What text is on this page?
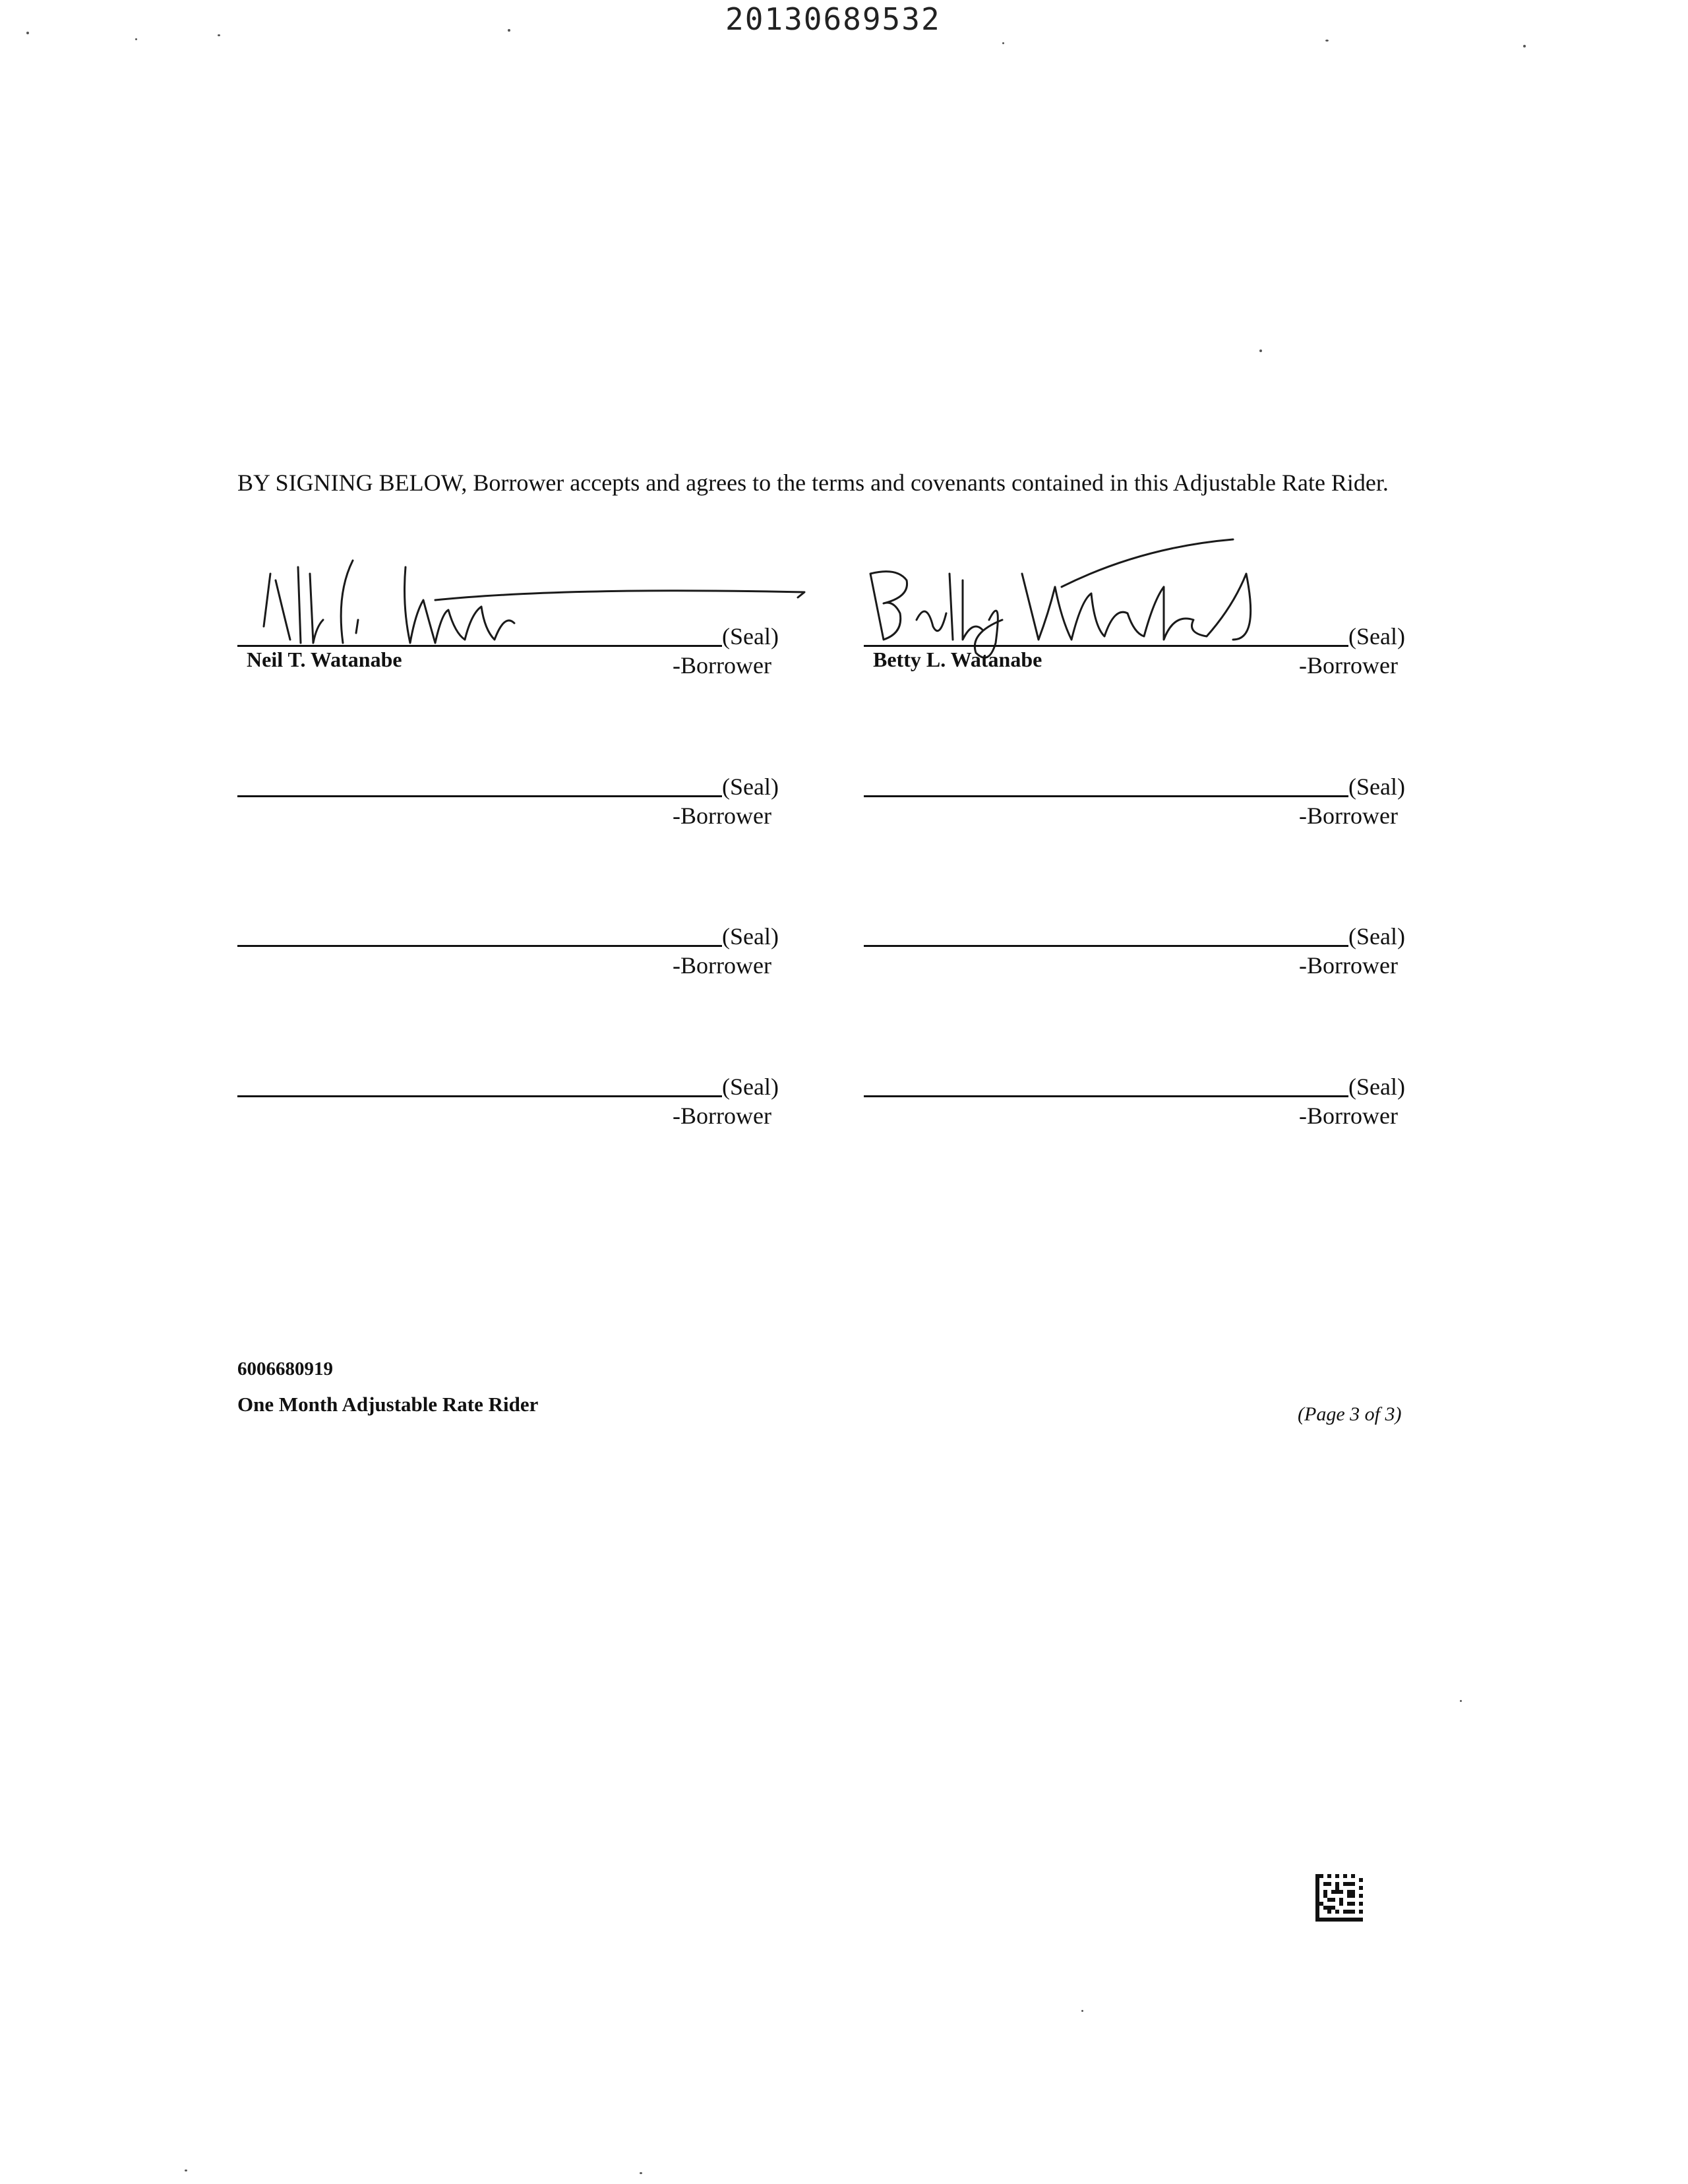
20130689532
BY SIGNING BELOW, Borrower accepts and agrees to the terms and covenants contained in this Adjustable Rate Rider.
(Seal)
Neil T. Watanabe	-Borrower
(Seal)
Betty L. Watanabe	-Borrower
(Seal)
-Borrower
(Seal)
-Borrower
(Seal)
-Borrower
(Seal)
-Borrower
(Seal)
-Borrower
(Seal)
-Borrower
6006680919
One Month Adjustable Rate Rider	(Page 3 of 3)
